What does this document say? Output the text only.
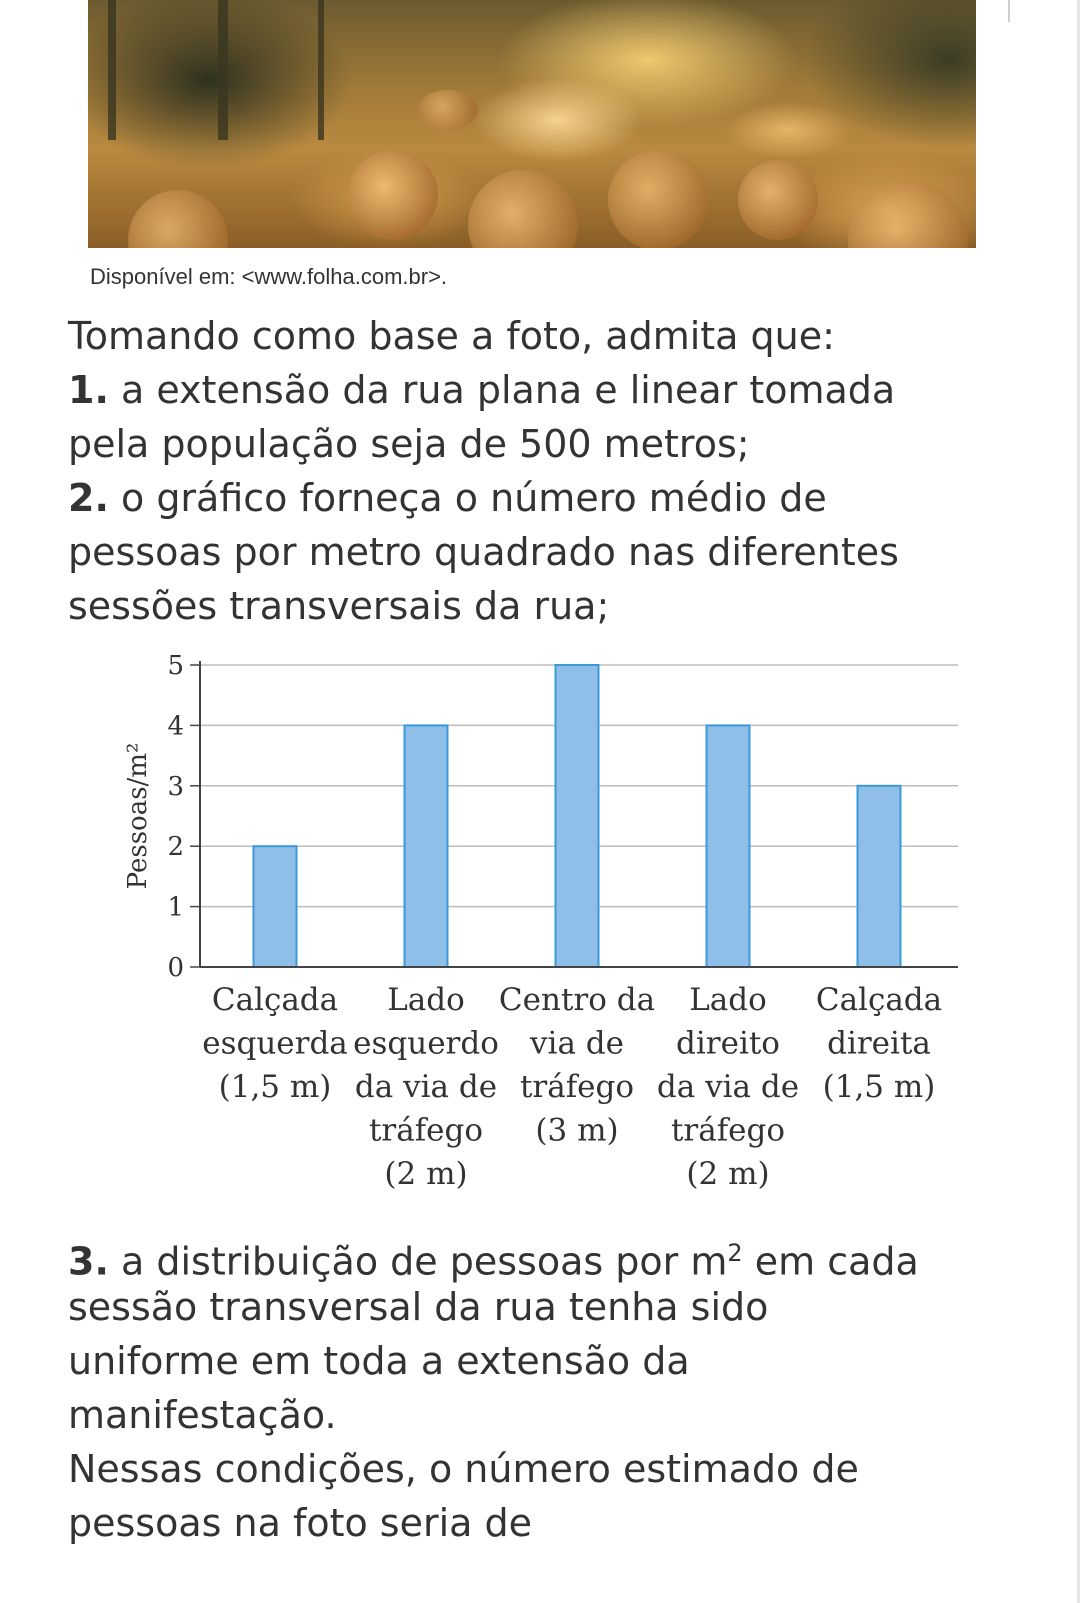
Disponível em: <www.folha.com.br>.
Tomando como base a foto, admita que:
1. a extensão da rua plana e linear tomada
pela população seja de 500 metros;
2. o gráfico forneça o número médio de
pessoas por metro quadrado nas diferentes
sessões transversais da rua;
0
1
2
3
4
5
Pessoas/m²
Calçada
esquerda
(1,5 m)
Lado
esquerdo
da via de
tráfego
(2 m)
Centro da
via de
tráfego
(3 m)
Lado
direito
da via de
tráfego
(2 m)
Calçada
direita
(1,5 m)
3. a distribuição de pessoas por $m^2$ em cada
sessão transversal da rua tenha sido
uniforme em toda a extensão da
manifestação.
Nessas condições, o número estimado de
pessoas na foto seria de
